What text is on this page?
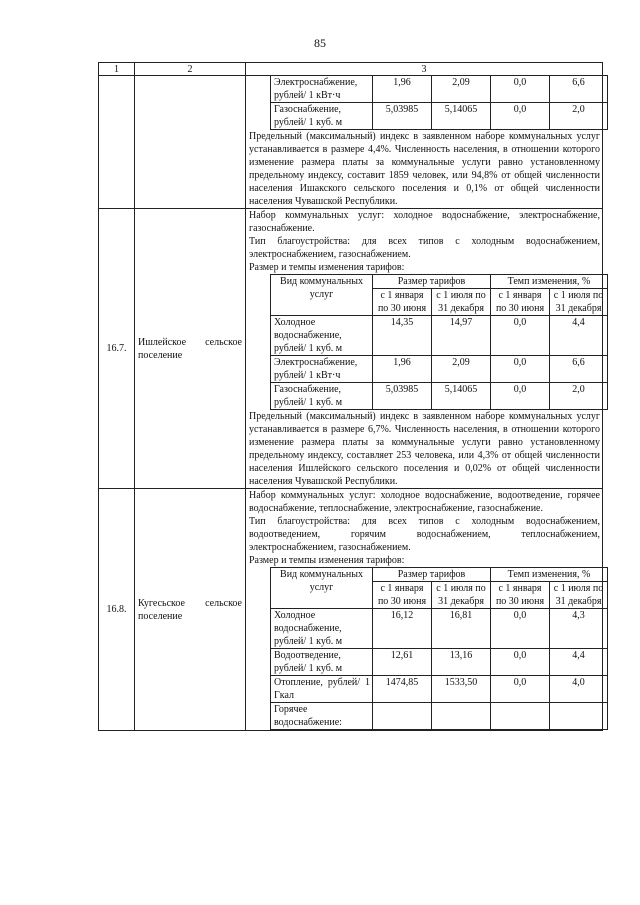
85
1	2	3

Электроснабжение, рублей/ 1 кВт·ч	1,96	2,09	0,0	6,6
Газоснабжение, рублей/ 1 куб. м	5,03985	5,14065	0,0	2,0
Предельный (максимальный) индекс в заявленном наборе коммунальных услуг устанавливается в размере 4,4%. Численность населения, в отношении которого изменение размера платы за коммунальные услуги равно установленному предельному индексу, составит 1859 человек, или 94,8% от общей численности населения Ишакского сельского поселения и 0,1% от общей численности населения Чувашской Республики.

16.7.	Ишлейское сельское поселение	
Набор коммунальных услуг: холодное водоснабжение, электроснабжение, газоснабжение.
Тип благоустройства: для всех типов с холодным водоснабжением, электроснабжением, газоснабжением.
Размер и темпы изменения тарифов:
Вид коммунальных услуг	Размер тарифов	Темп изменения, %
с 1 января по 30 июня	с 1 июля по 31 декабря	с 1 января по 30 июня	с 1 июля по 31 декабря
Холодное водоснабжение, рублей/ 1 куб. м	14,35	14,97	0,0	4,4
Электроснабжение, рублей/ 1 кВт·ч	1,96	2,09	0,0	6,6
Газоснабжение, рублей/ 1 куб. м	5,03985	5,14065	0,0	2,0
Предельный (максимальный) индекс в заявленном наборе коммунальных услуг устанавливается в размере 6,7%. Численность населения, в отношении которого изменение размера платы за коммунальные услуги равно установленному предельному индексу, составляет 253 человека, или 4,3% от общей численности населения Ишлейского сельского поселения и 0,02% от общей численности населения Чувашской Республики.

16.8.	Кугесьское сельское поселение	
Набор коммунальных услуг: холодное водоснабжение, водоотведение, горячее водоснабжение, теплоснабжение, электроснабжение, газоснабжение.
Тип благоустройства: для всех типов с холодным водоснабжением, водоотведением, горячим водоснабжением, теплоснабжением, электроснабжением, газоснабжением.
Размер и темпы изменения тарифов:
Вид коммунальных услуг	Размер тарифов	Темп изменения, %
с 1 января по 30 июня	с 1 июля по 31 декабря	с 1 января по 30 июня	с 1 июля по 31 декабря
Холодное водоснабжение, рублей/ 1 куб. м	16,12	16,81	0,0	4,3
Водоотведение, рублей/ 1 куб. м	12,61	13,16	0,0	4,4
Отопление, рублей/ 1 Гкал	1474,85	1533,50	0,0	4,0
Горячее водоснабжение:				
